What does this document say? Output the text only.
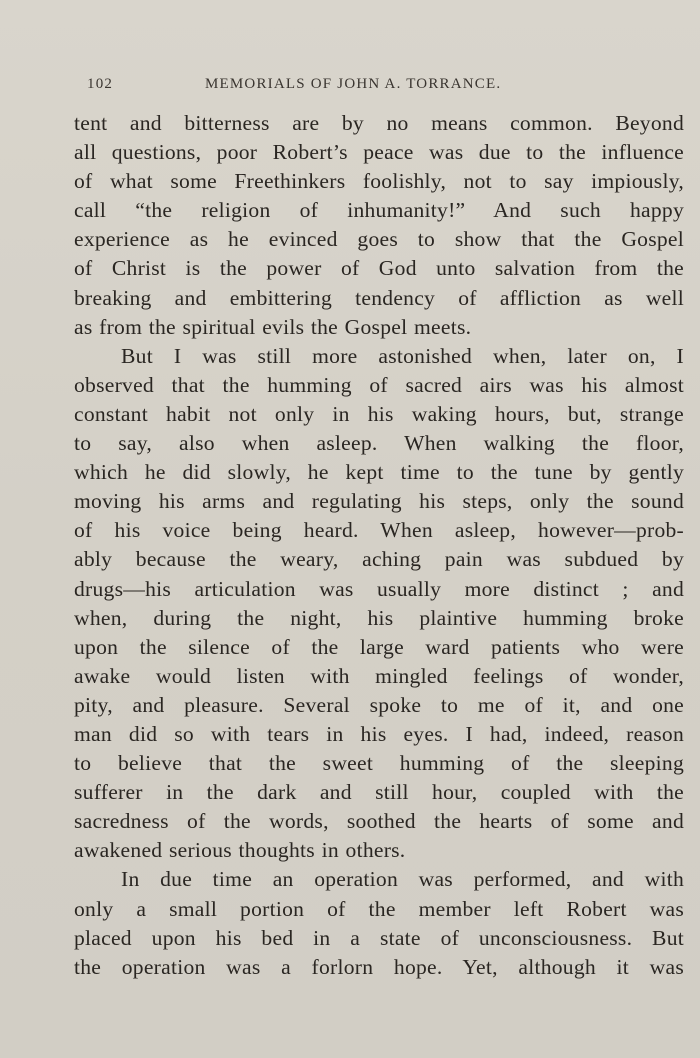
102	MEMORIALS OF JOHN A. TORRANCE.
tent and bitterness are by no means common. Beyond
all questions, poor Robert’s peace was due to the influence
of what some Freethinkers foolishly, not to say impiously,
call “the religion of inhumanity!” And such happy
experience as he evinced goes to show that the Gospel
of Christ is the power of God unto salvation from the
breaking and embittering tendency of affliction as well
as from the spiritual evils the Gospel meets.
But I was still more astonished when, later on, I
observed that the humming of sacred airs was his almost
constant habit not only in his waking hours, but, strange
to say, also when asleep. When walking the floor,
which he did slowly, he kept time to the tune by gently
moving his arms and regulating his steps, only the sound
of his voice being heard. When asleep, however—prob-
ably because the weary, aching pain was subdued by
drugs—his articulation was usually more distinct ; and
when, during the night, his plaintive humming broke
upon the silence of the large ward patients who were
awake would listen with mingled feelings of wonder,
pity, and pleasure. Several spoke to me of it, and one
man did so with tears in his eyes. I had, indeed, reason
to believe that the sweet humming of the sleeping
sufferer in the dark and still hour, coupled with the
sacredness of the words, soothed the hearts of some and
awakened serious thoughts in others.
In due time an operation was performed, and with
only a small portion of the member left Robert was
placed upon his bed in a state of unconsciousness. But
the operation was a forlorn hope. Yet, although it was
